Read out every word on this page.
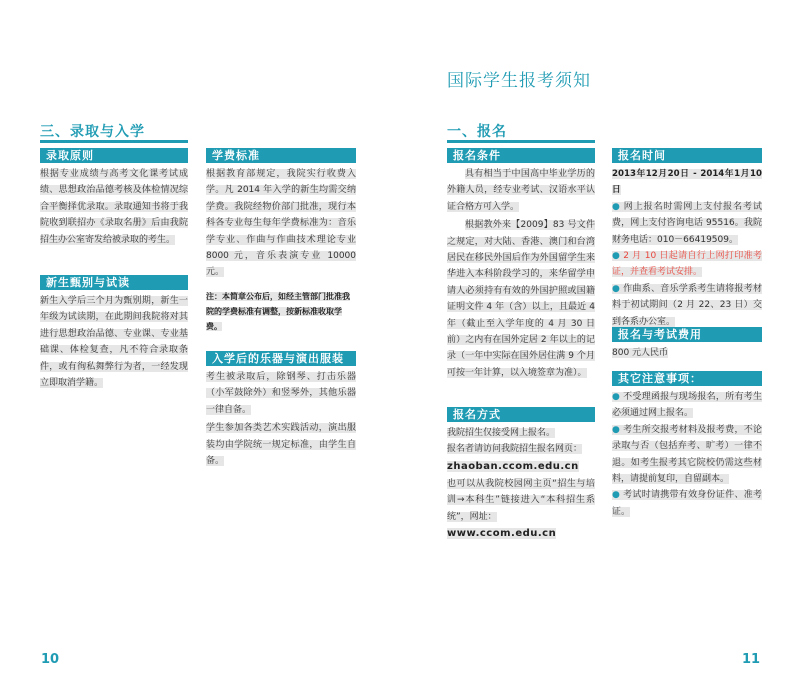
国际学生报考须知
三、录取与入学
录取原则
根据专业成绩与高考文化课考试成绩、思想政治品德考核及体检情况综合平衡择优录取。录取通知书将于我院收到联招办《录取名册》后由我院招生办公室寄发给被录取的考生。
新生甄别与试读
新生入学后三个月为甄别期，新生一年级为试读期，在此期间我院将对其进行思想政治品德、专业课、专业基础课、体检复查，凡不符合录取条件，或有徇私舞弊行为者，一经发现立即取消学籍。
学费标准
根据教育部规定，我院实行收费入学。凡 2014 年入学的新生均需交纳学费。我院经物价部门批准，现行本科各专业每生每年学费标准为：音乐学专业、作曲与作曲技术理论专业 8000 元，音乐表演专业 10000 元。
注：本简章公布后，如经主管部门批准我院的学费标准有调整，按新标准收取学费。
入学后的乐器与演出服装
考生被录取后，除钢琴、打击乐器（小军鼓除外）和竖琴外，其他乐器一律自备。
学生参加各类艺术实践活动，演出服装均由学院统一规定标准，由学生自备。
10
一、报名
报名条件
具有相当于中国高中毕业学历的外籍人员，经专业考试、汉语水平认证合格方可入学。
根据教外来【2009】83 号文件之规定，对大陆、香港、澳门和台湾居民在移民外国后作为外国留学生来华进入本科阶段学习的，来华留学申请人必须持有有效的外国护照或国籍证明文件 4 年（含）以上，且最近 4 年（截止至入学年度的 4 月 30 日前）之内有在国外定居 2 年以上的记录（一年中实际在国外居住满 9 个月可按一年计算，以入境签章为准）。
报名方式
我院招生仅接受网上报名。
报名者请访问我院招生报名网页：
zhaoban.ccom.edu.cn
也可以从我院校园网主页“招生与培训→本科生”链接进入“本科招生系统”，网址：
www.ccom.edu.cn
报名时间
2013年12月20日 - 2014年1月10日
● 网上报名时需网上支付报名考试费，网上支付咨询电话 95516。我院财务电话：010－66419509。
● 2 月 10 日起请自行上网打印准考证，并查看考试安排。
● 作曲系、音乐学系考生请将报考材料于初试期间（2 月 22、23 日）交到各系办公室。
报名与考试费用
800 元人民币
其它注意事项：
● 不受理函报与现场报名，所有考生必须通过网上报名。
● 考生所交报考材料及报考费，不论录取与否（包括弃考、旷考）一律不退。如考生报考其它院校仍需这些材料，请提前复印，自留副本。
● 考试时请携带有效身份证件、准考证。
11
